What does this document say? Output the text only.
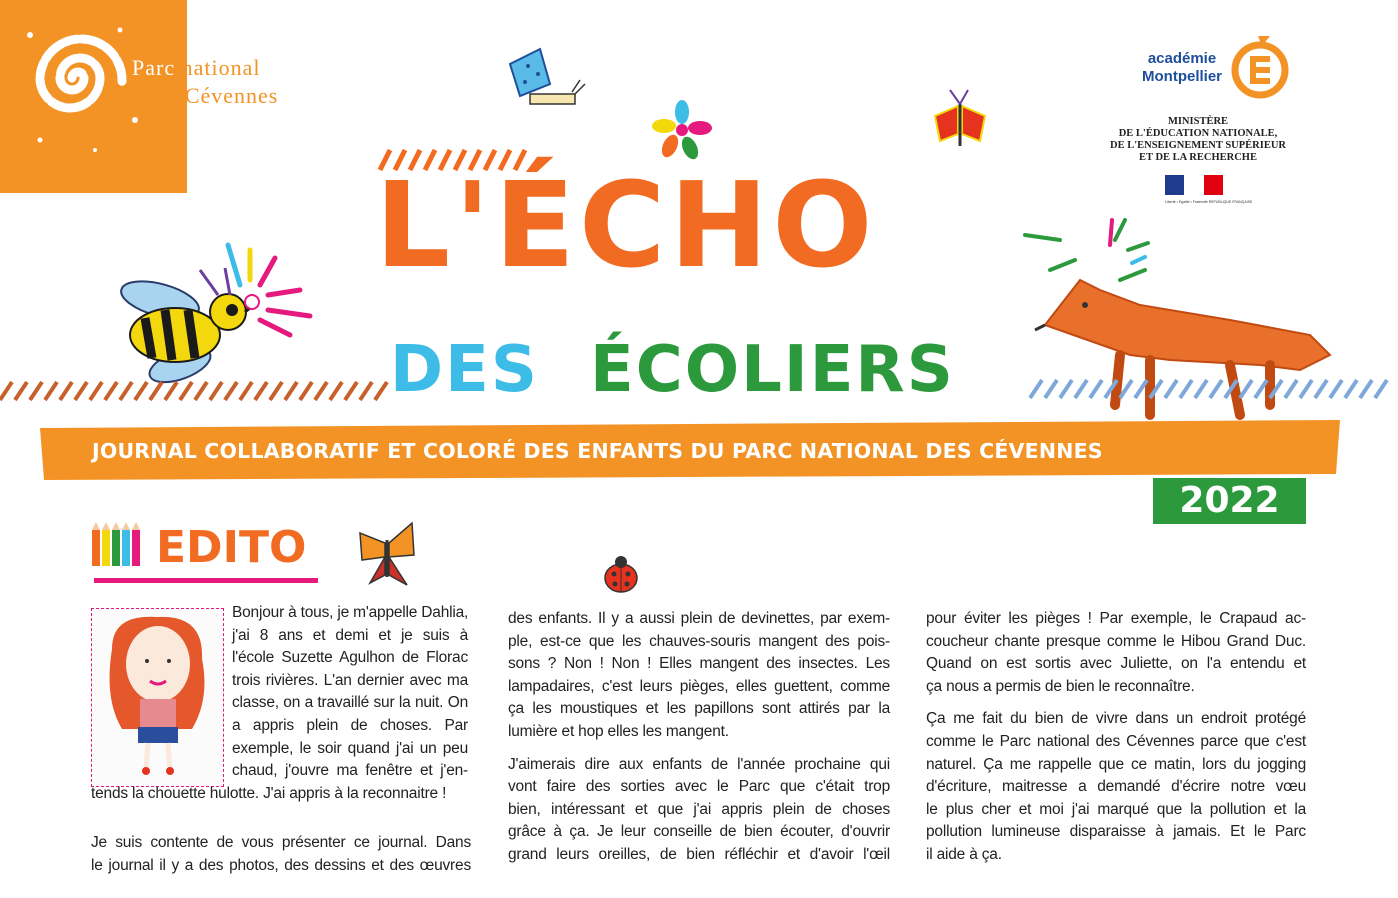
Parc national
des Cévennes
académie
Montpellier
MINISTÈRE
DE L'ÉDUCATION NATIONALE,
DE L'ENSEIGNEMENT SUPÉRIEUR
ET DE LA RECHERCHE
Liberté • Égalité • Fraternité RÉPUBLIQUE FRANÇAISE
L'ÉCHO
DES ÉCOLIERS
JOURNAL COLLABORATIF ET COLORÉ DES ENFANTS DU PARC NATIONAL DES CÉVENNES
2022
EDITO
Bonjour à tous, je m'appelle Dahlia,
j'ai 8 ans et demi et je suis à
l'école Suzette Agulhon de Florac
trois rivières. L'an dernier avec ma
classe, on a travaillé sur la nuit. On
a appris plein de choses. Par
exemple, le soir quand j'ai un peu
chaud, j'ouvre ma fenêtre et j'en-
tends la chouette hulotte. J'ai appris à la reconnaitre !
Je suis contente de vous présenter ce journal. Dans
le journal il y a des photos, des dessins et des œuvres
des enfants. Il y a aussi plein de devinettes, par exem-
ple, est-ce que les chauves-souris mangent des pois-
sons ? Non ! Non ! Elles mangent des insectes. Les
lampadaires, c'est leurs pièges, elles guettent, comme
ça les moustiques et les papillons sont attirés par la
lumière et hop elles les mangent.
J'aimerais dire aux enfants de l'année prochaine qui
vont faire des sorties avec le Parc que c'était trop
bien, intéressant et que j'ai appris plein de choses
grâce à ça. Je leur conseille de bien écouter, d'ouvrir
grand leurs oreilles, de bien réfléchir et d'avoir l'œil
pour éviter les pièges ! Par exemple, le Crapaud ac-
coucheur chante presque comme le Hibou Grand Duc.
Quand on est sortis avec Juliette, on l'a entendu et
ça nous a permis de bien le reconnaître.
Ça me fait du bien de vivre dans un endroit protégé
comme le Parc national des Cévennes parce que c'est
naturel. Ça me rappelle que ce matin, lors du jogging
d'écriture, maitresse a demandé d'écrire notre vœu
le plus cher et moi j'ai marqué que la pollution et la
pollution lumineuse disparaisse à jamais. Et le Parc
il aide à ça.
